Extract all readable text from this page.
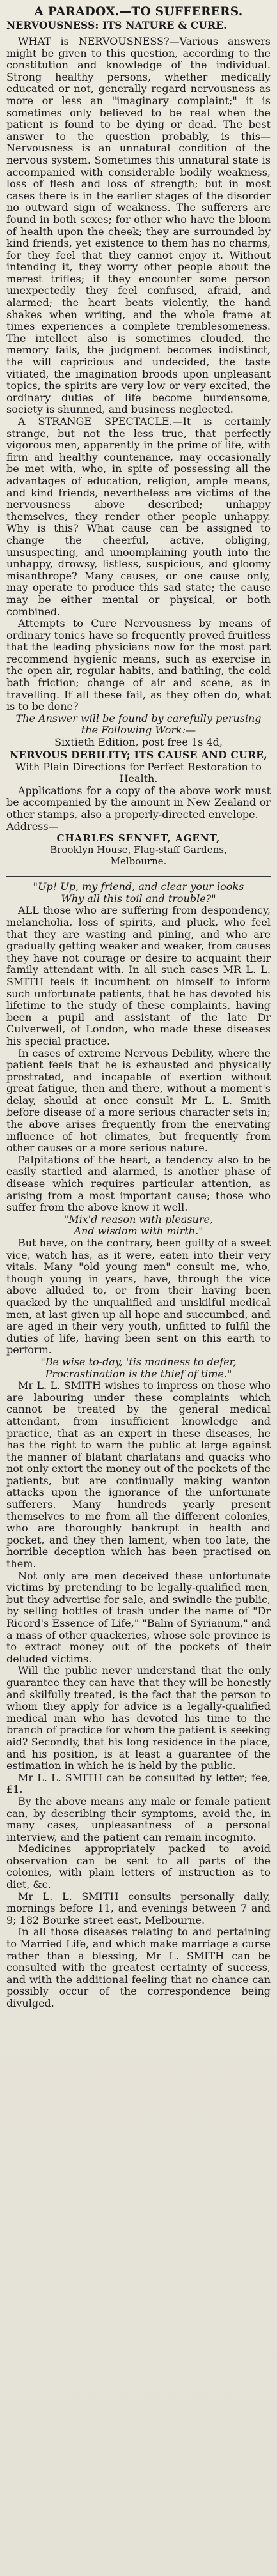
A PARADOX.—TO SUFFERERS.
NERVOUSNESS: ITS NATURE & CURE.

WHAT is NERVOUSNESS?—Various answers might be given to this question, according to the constitution and knowledge of the individual. Strong healthy persons, whether medically educated or not, generally regard nervousness as more or less an "imaginary complaint;" it is sometimes only believed to be real when the patient is found to be dying or dead. The best answer to the question probably, is this—Nervousness is an unnatural condition of the nervous system. Sometimes this unnatural state is accompanied with considerable bodily weakness, loss of flesh and loss of strength; but in most cases there is in the earlier stages of the disorder no outward sign of weakness. The sufferers are found in both sexes; for other who have the bloom of health upon the cheek; they are surrounded by kind friends, yet existence to them has no charms, for they feel that they cannot enjoy it. Without intending it, they worry other people about the merest trifles; if they encounter some person unexpectedly they feel confused, afraid, and alarmed; the heart beats violently, the hand shakes when writing, and the whole frame at times experiences a complete tremblesomeness. The intellect also is sometimes clouded, the memory fails, the judgment becomes indistinct, the will capricious and undecided, the taste vitiated, the imagination broods upon unpleasant topics, the spirits are very low or very excited, the ordinary duties of life become burdensome, society is shunned, and business neglected.

A STRANGE SPECTACLE.—It is certainly strange, but not the less true, that perfectly vigorous men, apparently in the prime of life, with firm and healthy countenance, may occasionally be met with, who, in spite of possessing all the advantages of education, religion, ample means, and kind friends, nevertheless are victims of the nervousness above described; unhappy themselves, they render other people unhappy. Why is this? What cause can be assigned to change the cheerful, active, obliging, unsuspecting, and unoomplaining youth into the unhappy, drowsy, listless, suspicious, and gloomy misanthrope? Many causes, or one cause only, may operate to produce this sad state; the cause may be either mental or physical, or both combined.

Attempts to Cure Nervousness by means of ordinary tonics have so frequently proved fruitless that the leading physicians now for the most part recommend hygienic means, such as exercise in the open air, regular habits, and bathing, the cold bath friction; change of air and scene, as in travelling. If all these fail, as they often do, what is to be done?

The Answer will be found by carefully perusing the Following Work:—

Sixtieth Edition, post free 1s 4d,

NERVOUS DEBILITY; ITS CAUSE AND CURE,

With Plain Directions for Perfect Restoration to Health.

Applications for a copy of the above work must be accompanied by the amount in New Zealand or other stamps, also a properly-directed envelope.

Address—

CHARLES SENNET, AGENT,

Brooklyn House, Flag-staff Gardens,

Melbourne.

"Up! Up, my friend, and clear your looks

Why all this toil and trouble?"

ALL those who are suffering from despondency, melancholia, loss of spirits, and pluck, who feel that they are wasting and pining, and who are gradually getting weaker and weaker, from causes they have not courage or desire to acquaint their family attendant with. In all such cases MR L. L. SMITH feels it incumbent on himself to inform such unfortunate patients, that he has devoted his lifetime to the study of these complaints, having been a pupil and assistant of the late Dr Culverwell, of London, who made these diseases his special practice.

In cases of extreme Nervous Debility, where the patient feels that he is exhausted and physically prostrated, and incapable of exertion without great fatigue, then and there, without a moment's delay, should at once consult Mr L. L. Smith before disease of a more serious character sets in; the above arises frequently from the enervating influence of hot climates, but frequently from other causes or a more serious nature.

Palpitations of the heart, a tendency also to be easily startled and alarmed, is another phase of disease which requires particular attention, as arising from a most important cause; those who suffer from the above know it well.

"Mix'd reason with pleasure,

And wisdom with mirth."

But have, on the contrary, been guilty of a sweet vice, watch has, as it were, eaten into their very vitals. Many "old young men" consult me, who, though young in years, have, through the vice above alluded to, or from their having been quacked by the unqualified and unskilful medical men, at last given up all hope and succumbed, and are aged in their very youth, unfitted to fulfil the duties of life, having been sent on this earth to perform.

"Be wise to-day, 'tis madness to defer,

Procrastination is the thief of time."

Mr L. L. SMITH wishes to impress on those who are labouring under these complaints which cannot be treated by the general medical attendant, from insufficient knowledge and practice, that as an expert in these diseases, he has the right to warn the public at large against the manner of blatant charlatans and quacks who not only extort the money out of the pockets of the patients, but are continually making wanton attacks upon the ignorance of the unfortunate sufferers. Many hundreds yearly present themselves to me from all the different colonies, who are thoroughly bankrupt in health and pocket, and they then lament, when too late, the horrible deception which has been practised on them.

Not only are men deceived these unfortunate victims by pretending to be legally-qualified men, but they advertise for sale, and swindle the public, by selling bottles of trash under the name of "Dr Ricord's Essence of Life," "Balm of Syrianum," and a mass of other quackeries, whose sole province is to extract money out of the pockets of their deluded victims.

Will the public never understand that the only guarantee they can have that they will be honestly and skilfully treated, is the fact that the person to whom they apply for advice is a legally-qualified medical man who has devoted his time to the branch of practice for whom the patient is seeking aid? Secondly, that his long residence in the place, and his position, is at least a guarantee of the estimation in which he is held by the public.

Mr L. L. SMITH can be consulted by letter; fee, £1.

By the above means any male or female patient can, by describing their symptoms, avoid the, in many cases, unpleasantness of a personal interview, and the patient can remain incognito.

Medicines appropriately packed to avoid observation can be sent to all parts of the colonies, with plain letters of instruction as to diet, &c.

Mr L. L. SMITH consults personally daily, mornings before 11, and evenings between 7 and 9; 182 Bourke street east, Melbourne.

In all those diseases relating to and pertaining to Married Life, and which make marriage a curse rather than a blessing, Mr L. SMITH can be consulted with the greatest certainty of success, and with the additional feeling that no chance can possibly occur of the correspondence being divulged.
